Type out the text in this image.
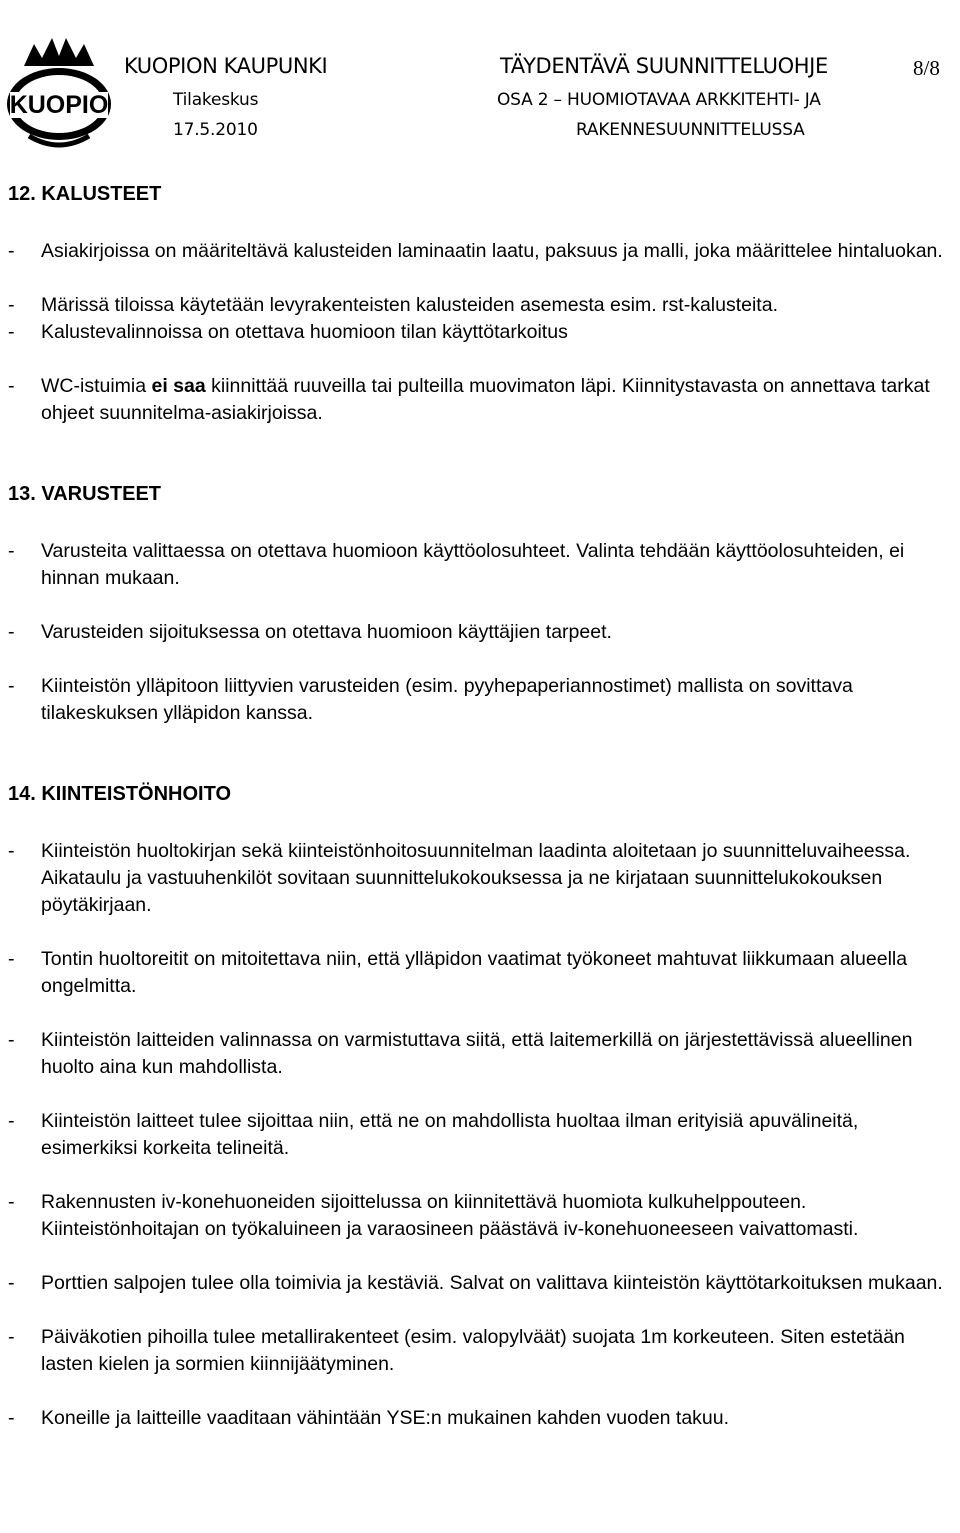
KUOPIO
KUOPION KAUPUNKI
Tilakeskus
17.5.2010
TÄYDENTÄVÄ SUUNNITTELUOHJE
OSA 2 – HUOMIOTAVAA ARKKITEHTI- JA
RAKENNESUUNNITTELUSSA
8/8
12. KALUSTEET
- Asiakirjoissa on määriteltävä kalusteiden laminaatin laatu, paksuus ja malli, joka määrittelee hintaluokan.
- Märissä tiloissa käytetään levyrakenteisten kalusteiden asemesta esim. rst-kalusteita.
- Kalustevalinnoissa on otettava huomioon tilan käyttötarkoitus
- WC-istuimia ei saa kiinnittää ruuveilla tai pulteilla muovimaton läpi. Kiinnitystavasta on annettava tarkat ohjeet suunnitelma-asiakirjoissa.
13. VARUSTEET
- Varusteita valittaessa on otettava huomioon käyttöolosuhteet. Valinta tehdään käyttöolosuhteiden, ei hinnan mukaan.
- Varusteiden sijoituksessa on otettava huomioon käyttäjien tarpeet.
- Kiinteistön ylläpitoon liittyvien varusteiden (esim. pyyhepaperiannostimet) mallista on sovittava tilakeskuksen ylläpidon kanssa.
14. KIINTEISTÖNHOITO
- Kiinteistön huoltokirjan sekä kiinteistönhoitosuunnitelman laadinta aloitetaan jo suunnitteluvaiheessa. Aikataulu ja vastuuhenkilöt sovitaan suunnittelukokouksessa ja ne kirjataan suunnittelukokouksen pöytäkirjaan.
- Tontin huoltoreitit on mitoitettava niin, että ylläpidon vaatimat työkoneet mahtuvat liikkumaan alueella ongelmitta.
- Kiinteistön laitteiden valinnassa on varmistuttava siitä, että laitemerkillä on järjestettävissä alueellinen huolto aina kun mahdollista.
- Kiinteistön laitteet tulee sijoittaa niin, että ne on mahdollista huoltaa ilman erityisiä apuvälineitä, esimerkiksi korkeita telineitä.
- Rakennusten iv-konehuoneiden sijoittelussa on kiinnitettävä huomiota kulkuhelppouteen. Kiinteistönhoitajan on työkaluineen ja varaosineen päästävä iv-konehuoneeseen vaivattomasti.
- Porttien salpojen tulee olla toimivia ja kestäviä. Salvat on valittava kiinteistön käyttötarkoituksen mukaan.
- Päiväkotien pihoilla tulee metallirakenteet (esim. valopylväät) suojata 1m korkeuteen. Siten estetään lasten kielen ja sormien kiinnijäätyminen.
- Koneille ja laitteille vaaditaan vähintään YSE:n mukainen kahden vuoden takuu.
